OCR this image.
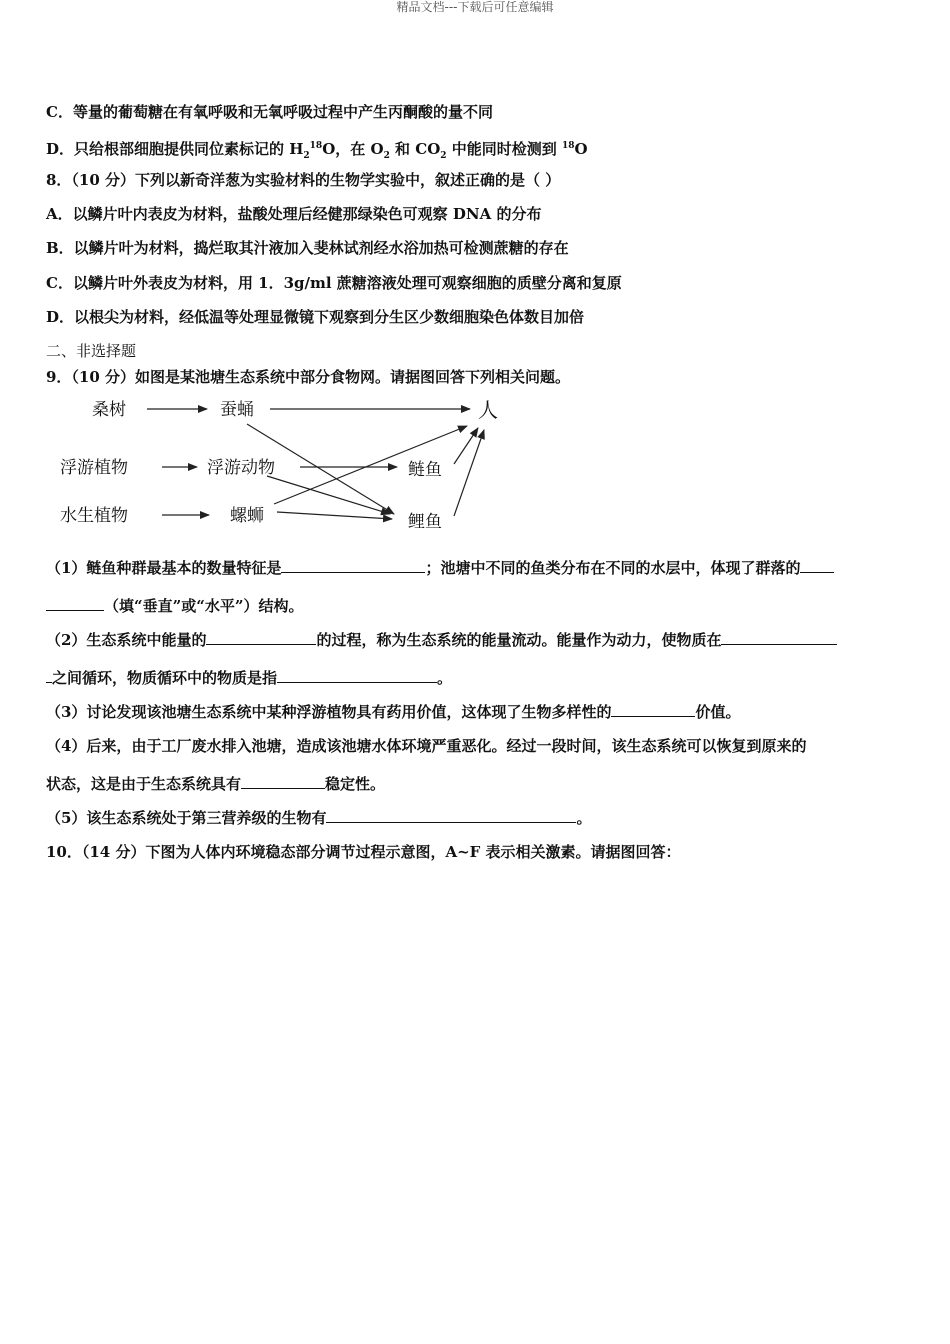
精品文档---下载后可任意编辑
C．等量的葡萄糖在有氧呼吸和无氧呼吸过程中产生丙酮酸的量不同
D．只给根部细胞提供同位素标记的 $H_2^{18}O$，在 $O_2$ 和 $CO_2$ 中能同时检测到 $^{18}$O
8．（10 分）下列以新奇洋葱为实验材料的生物学实验中，叙述正确的是（ ）
A．以鳞片叶内表皮为材料，盐酸处理后经健那绿染色可观察 DNA 的分布
B．以鳞片叶为材料，捣烂取其汁液加入斐林试剂经水浴加热可检测蔗糖的存在
C．以鳞片叶外表皮为材料，用 1．3g/ml 蔗糖溶液处理可观察细胞的质壁分离和复原
D．以根尖为材料，经低温等处理显微镜下观察到分生区少数细胞染色体数目加倍
二、非选择题
9．（10 分）如图是某池塘生态系统中部分食物网。请据图回答下列相关问题。
桑树	蚕蛹	人
浮游植物	浮游动物	鲢鱼
水生植物	螺蛳	鲤鱼
（1）鲢鱼种群最基本的数量特征是	；池塘中不同的鱼类分布在不同的水层中，体现了群落的
（填“垂直”或“水平”）结构。
（2）生态系统中能量的	的过程，称为生态系统的能量流动。能量作为动力，使物质在
之间循环，物质循环中的物质是指	。
（3）讨论发现该池塘生态系统中某种浮游植物具有药用价值，这体现了生物多样性的	价值。
（4）后来，由于工厂废水排入池塘，造成该池塘水体环境严重恶化。经过一段时间，该生态系统可以恢复到原来的
状态，这是由于生态系统具有	稳定性。
（5）该生态系统处于第三营养级的生物有	。
10．（14 分）下图为人体内环境稳态部分调节过程示意图，A~F 表示相关激素。请据图回答：
